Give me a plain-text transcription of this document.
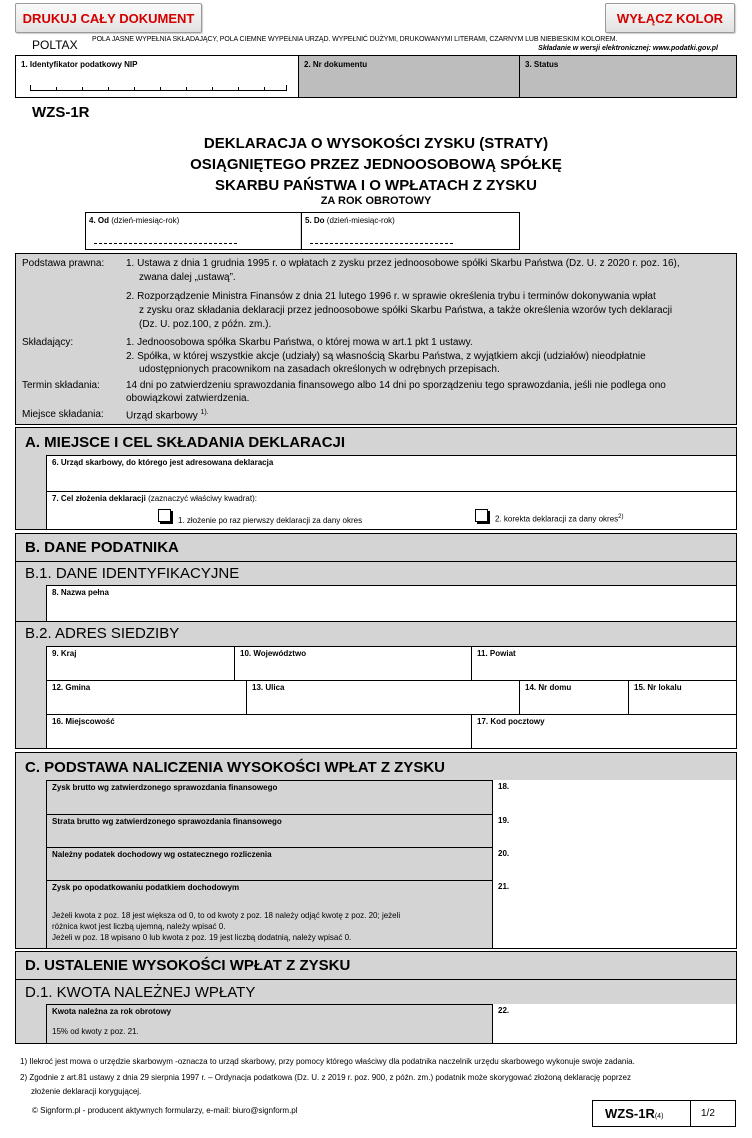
DRUKUJ CAŁY DOKUMENT	WYŁĄCZ KOLOR
POLTAX POLA JASNE WYPEŁNIA SKŁADAJĄCY, POLA CIEMNE WYPEŁNIA URZĄD. WYPEŁNIĆ DUŻYMI, DRUKOWANYMI LITERAMI, CZARNYM LUB NIEBIESKIM KOLOREM.
Składanie w wersji elektronicznej: www.podatki.gov.pl
1. Identyfikator podatkowy NIP	2. Nr dokumentu	3. Status
WZS-1R
DEKLARACJA O WYSOKOŚCI ZYSKU (STRATY)
OSIĄGNIĘTEGO PRZEZ JEDNOOSOBOWĄ SPÓŁKĘ
SKARBU PAŃSTWA I O WPŁATACH Z ZYSKU
ZA ROK OBROTOWY
4. Od (dzień-miesiąc-rok)	5. Do (dzień-miesiąc-rok)
Podstawa prawna: 1. Ustawa z dnia 1 grudnia 1995 r. o wpłatach z zysku przez jednoosobowe spółki Skarbu Państwa (Dz. U. z 2020 r. poz. 16),
zwana dalej „ustawą”.
2. Rozporządzenie Ministra Finansów z dnia 21 lutego 1996 r. w sprawie określenia trybu i terminów dokonywania wpłat
z zysku oraz składania deklaracji przez jednoosobowe spółki Skarbu Państwa, a także określenia wzorów tych deklaracji
(Dz. U. poz.100, z późn. zm.).
Składający:	1. Jednoosobowa spółka Skarbu Państwa, o której mowa w art.1 pkt 1 ustawy.
2. Spółka, w której wszystkie akcje (udziały) są własnością Skarbu Państwa, z wyjątkiem akcji (udziałów) nieodpłatnie
udostępnionych pracownikom na zasadach określonych w odrębnych przepisach.
Termin składania:	14 dni po zatwierdzeniu sprawozdania finansowego albo 14 dni po sporządzeniu tego sprawozdania, jeśli nie podlega ono
obowiązkowi zatwierdzenia.
Miejsce składania: Urząd skarbowy $^{1).}$
A. MIEJSCE I CEL SKŁADANIA DEKLARACJI
6. Urząd skarbowy, do którego jest adresowana deklaracja
7. Cel złożenia deklaracji (zaznaczyć właściwy kwadrat):
1. złożenie po raz pierwszy deklaracji za dany okres	2. korekta deklaracji za dany okres$^{2)}$
B. DANE PODATNIKA
B.1. DANE IDENTYFIKACYJNE
8. Nazwa pełna
B.2. ADRES SIEDZIBY
9. Kraj	10. Województwo	11. Powiat
12. Gmina	13. Ulica	14. Nr domu	15. Nr lokalu
16. Miejscowość	17. Kod pocztowy
C. PODSTAWA NALICZENIA WYSOKOŚCI WPŁAT Z ZYSKU
Zysk brutto wg zatwierdzonego sprawozdania finansowego	18.
Strata brutto wg zatwierdzonego sprawozdania finansowego	19.
Należny podatek dochodowy wg ostatecznego rozliczenia	20.
Zysk po opodatkowaniu podatkiem dochodowym
Jeżeli kwota z poz. 18 jest większa od 0, to od kwoty z poz. 18 należy odjąć kwotę z poz. 20; jeżeli
różnica kwot jest liczbą ujemną, należy wpisać 0.
Jeżeli w poz. 18 wpisano 0 lub kwota z poz. 19 jest liczbą dodatnią, należy wpisać 0.
21.
D. USTALENIE WYSOKOŚCI WPŁAT Z ZYSKU
D.1. KWOTA NALEŻNEJ WPŁATY
Kwota należna za rok obrotowy
15% od kwoty z poz. 21.
22.
1) Ilekroć jest mowa o urzędzie skarbowym -oznacza to urząd skarbowy, przy pomocy którego właściwy dla podatnika naczelnik urzędu skarbowego wykonuje swoje zadania.
2) Zgodnie z art.81 ustawy z dnia 29 sierpnia 1997 r. – Ordynacja podatkowa (Dz. U. z 2019 r. poz. 900, z późn. zm.) podatnik może skorygować złożoną deklarację poprzez
złożenie deklaracji korygującej.
© Signform.pl - producent aktywnych formularzy, e-mail: biuro@signform.pl	WZS-1R(4)	1/2
